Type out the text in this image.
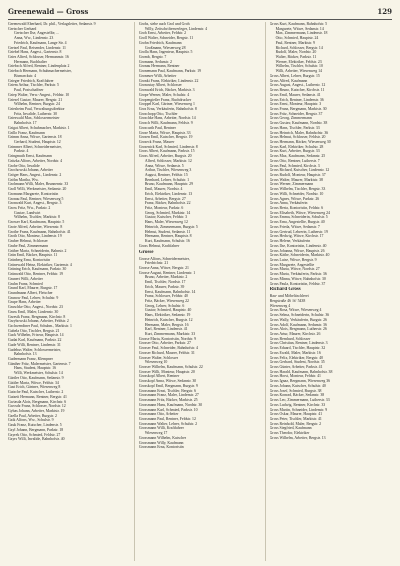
Greenewald — Gross	129
Greenewald Eberhard, Dr. phil., Verlagsleiter, Sedanstr. 9
Gretscher Gerhard
Gretscher Ilse, Angestellte, ...
Anna, Ww., Lindenstr. 23
Friedrich, Kaufmann, Lange Str. 4
Gretzel Paul, Reisender, Lindenstr. 11
Griebel Hans, Angest., Gartenstr. 8
Gries Alfred, Schlosser, Hermannstr. 16
Hermann, Buchhalter
Griebsch Alfred, Rentner, Lindenplatz 2
Griebsch Hermann, Schuhmachermeister,
Bismarckstr. 4
Grieger Friedrich, Kraftfahrer
Griem Arthur, Tischler, Parkstr. 5
Paul, Postschaffner
Griep Walter, Verw.-Angest., Feldstr. 10
Griesel Gustav, Maurer, Bergstr. 21
Wilhelm, Rentner, Burgstr. 24
Griesheim Paul, Verwaltungsdirektor
Fritz, Invalide, Lutherstr. 30
Grieswald Max, Schlossermeister
Bahnhofstr. 17
Grigat Albert, Schuhmacher, Marktstr. 1
Grillo Franz, Kaufmann
Grimm Anna, Witwe, Gartenstr. 18
Gerhard, Student, Hauptstr. 12
Grimmer Albert, Schneidermeister,
Parkstr. 4
Gringmuth Ernst, Kaufmann
Gritzka Alfons, Arbeiter, Nordstr. 4
Grobe Otto, Invalide
Grochowski Johann, Arbeiter
Gröger Hans, Angest., Lindenstr. 2
Gröhn Martha, Ww.
Grohmann Willi, Maler, Brunnenstr. 33
Groll Willi, Werkmeister, Sedanstr. 20
Gromann Margarete, Kontoristin
Gronau Paul, Rentner, Wiesenweg 5
Gronwald Kurt, Angest., Bergstr. 3
Gross Fritz, Ww., Parkstr. 2
Gustav, Landwirt
Wilhelm, Tischler, Marktstr. 8
Grosser Karl, Kaufmann, Hauptstr. 5
Grote Alfred, Arbeiter, Wiesenstr. 8
Grothe Franz, Kaufmann, Bahnhofstr. 41
Groth Otto, Monteur, Lindenstr. 19
Gruber Helmut, Schlosser
Grube Paul, Zimmermann
Grüber Marta, Schneiderin, Bahnstr. 2
Grün Emil, Bäcker, Hauptstr. 11
Grünberg Erna, Kontoristin
Grünewald Heinz, Elektriker, Gartenstr. 4
Grüning Erich, Kaufmann, Parkstr. 30
Grünwald Otto, Rentner, Feldstr. 19
Grunert Willi, Arbeiter
Gruhn Franz, Schmied
Grund Karl, Maurer, Burgstr. 17
Grundmann Albert, Fleischer
Grunow Paul, Lehrer, Schulstr. 9
Grupe Hans, Arbeiter
Gruschke Otto, Angest., Nordstr. 23
Gruss Emil, Maler, Lindenstr. 30
Grzesik Franz, Bergmann, Kirchstr. 8
Grzybowski Johann, Arbeiter, Feldstr. 2
Gschwendtner Paul, Schuhm., Marktstr. 1
Gubela Otto, Tischler, Bergstr. 21
Guck Wilhelm, Friseur, Hauptstr. 14
Gudat Karl, Kaufmann, Parkstr. 22
Gude Willi, Rentner, Lindenstr. 31
Gudehus Walter, Schlossermeister,
Bahnhofstr. 13
Gudermann Franz, Klempner
Günther Fritz, Malermeister, Gartenstr. 7
Hans, Student, Hauptstr. 16
Willi, Werkmeister, Schulstr. 14
Gürtler Otto, Kaufmann, Sedanstr. 9
Güttler Marta, Witwe, Feldstr. 34
Gust Erich, Gärtner, Wiesenweg 8
Gutsche Paul, Kutscher, Lutherstr. 2
Gutzeit Hermann, Rentner, Bergstr. 41
Gwiasda Alois, Bergmann, Kirchstr. 6
Gwosdz Franz, Schlosser, Nordstr. 12
Gybas Johann, Arbeiter, Marktstr. 19
Gzella Paul, Arbeiter, Burgstr. 2
Gzik Alfons, Ww., Schulstr. 9
Gzuk Franz, Kutscher, Lindenstr. 5
Gzyl Johann, Bergmann, Parkstr. 18
Gzyrek Otto, Schmied, Feldstr. 27
Gzyrs Willi, Invalide, Bahnhofstr. 40
Grohs, siehe auch Grol und Groh
Willy, Zeitschriftenverleger, Lindenstr. 4
Groh Ernst, Arbeiter, Feldstr. 2
Groll Walter, Schneider, Bergstr. 11
Grohn Friedrich, Kaufmann
Großmann, Wiesenweg 28
Grolla Hans, Ingenieur, Hauptstr. 5
Gromb, Bergstr. 7
Gromann, Sedanstr. 2
Gronau Hermann, Rentner
Gronemann Paul, Kaufmann, Parkstr. 19
Groneuer Willi, Arbeiter
Gronki Franz, Elektriker, Lindenstr. 22
Gronostay Albert, Schlosser
Gronwald Erich, Bäcker, Marktstr. 3
Grope Werner, Maler, Schulstr. 4
Gropengießer Franz, Buchdrucker
Groppel Karl, Gärtner, Wiesenweg 1
Gros Erna, Verkäuferin, Bahnhofstr. 8
Groschopp Otto, Tischler
Groschke Hans, Arbeiter, Nordstr. 14
Grosch Willi, Kaufmann, Feldstr. 9
Groscurth Paul, Rentner
Grose Marta, Witwe, Hauptstr. 33
Grosen Emil, Kutscher, Bergstr. 19
Groseck Franz, Maurer
Grosenick Karl, Schmied, Lindenstr. 8
Gross Albert, Kaufmann, Parkstr. 15
Gross Alfred, Arbeiter, Burgstr. 20
Alfred, Schlosser, Marktstr. 12
Anna, Witwe, Sedanstr. 5
Arthur, Tischler, Wiesenweg 3
August, Rentner, Feldstr. 15
Bernhard, Lehrer, Schulstr. 1
Bruno, Kaufmann, Hauptstr. 29
Emil, Maurer, Nordstr. 4
Erich, Elektriker, Lindenstr. 13
Ernst, Arbeiter, Bergstr. 27
Franz, Bäcker, Bahnhofstr. 22
Fritz, Monteur, Parkstr. 6
Georg, Schmied, Marktstr. 14
Gustav, Kutscher, Feldstr. 3
Hans, Maler, Wiesenweg 12
Heinrich, Zimmermann, Burgstr. 5
Helmut, Student, Sedanstr. 11
Hermann, Rentner, Hauptstr. 8
Kurt, Kaufmann, Schulstr. 16
Gross Helmut, Kraftfahrer
Grosse
Grosse Alfons, Schneidermeister,
Friedrichstr. 21
Grosse Anna, Witwe, Bergstr. 21
Grosse August, Rentner, Lindenstr. 1
Bruno, Arbeiter, Marktstr. 2
Emil, Tischler, Nordstr. 17
Erich, Maurer, Parkstr. 39
Ernst, Kaufmann, Bahnhofstr. 14
Franz, Schlosser, Feldstr. 40
Fritz, Bäcker, Wiesenweg 22
Georg, Lehrer, Schulstr. 6
Gustav, Schmied, Hauptstr. 40
Hans, Elektriker, Sedanstr. 19
Heinrich, Kutscher, Burgstr. 12
Hermann, Maler, Bergstr. 16
Karl, Rentner, Lindenstr. 41
Kurt, Zimmermann, Marktstr. 33
Grosse Marta, Kontoristin, Nordstr. 9
Grosser Otto, Arbeiter, Parkstr. 27
Grosser Paul, Schneider, Bahnhofstr. 4
Grosser Richard, Maurer, Feldstr. 31
Grosser Walter, Schlosser
Wiesenweg 10
Grosser Wilhelm, Kaufmann, Schulstr. 22
Grosser Willi, Monteur, Hauptstr. 20
Grosskopf Albert, Rentner
Grosskopf Anna, Witwe, Sedanstr. 30
Grosskopf Emil, Bergmann, Burgstr. 9
Grossmann Ernst, Tischler, Bergstr. 6
Grossmann Franz, Maler, Lindenstr. 27
Grossmann Fritz, Bäcker, Marktstr. 25
Grossmann Hans, Kaufmann, Nordstr. 30
Grossmann Karl, Schmied, Parkstr. 10
Grossmann Otto, Arbeiter
Grossmann Paul, Rentner, Feldstr. 12
Grossmann Walter, Lehrer, Schulstr. 2
Grossmann Willi, Kraftfahrer
Wiesenweg 17
Grossmann Wilhelm, Kutscher
Grossmann Willy, Kaufmann
Grossmann Erna, Kontoristin
Gross Kurt, Kaufmann, Bahnhofstr. 5
Margarete, Witwe, Sedanstr. 14
Max, Zimmermann, Lindenstr. 18
Otto, Schmied, Hauptstr. 24
Paul, Rentner, Marktstr. 9
Richard, Schlosser, Bergstr. 14
Rudolf, Maler, Nordstr. 20
Walter, Bäcker, Parkstr. 11
Werner, Elektriker, Feldstr. 23
Wilhelm, Tischler, Schulstr. 10
Willi, Arbeiter, Wiesenweg 14
Gross Albert, Lehrer, Burgstr. 15
Gross Alfred, Kaufmann
Gross August, Angest., Lutherstr. 12
Gross Bruno, Kutscher, Kirchstr. 11
Gross Emil, Maurer, Sedanstr. 41
Gross Erich, Rentner, Lindenstr. 36
Gross Ernst, Monteur, Hauptstr. 3
Gross Franz, Bergmann, Marktstr. 30
Gross Fritz, Schneider, Bergstr. 37
Gross Georg, Zimmermann
Gross Gustav, Kaufmann, Nordstr. 38
Gross Hans, Tischler, Parkstr. 33
Gross Heinrich, Maler, Bahnhofstr. 36
Gross Helmut, Schlosser, Feldstr. 20
Gross Hermann, Bäcker, Wiesenweg 30
Gross Karl, Elektriker, Schulstr. 28
Gross Kurt, Arbeiter, Burgstr. 33
Gross Max, Kaufmann, Sedanstr. 25
Gross Otto, Rentner, Lutherstr. 7
Gross Paul, Schmied, Kirchstr. 3
Gross Richard, Kutscher, Lindenstr. 12
Gross Rudolf, Monteur, Hauptstr. 37
Gross Walter, Maurer, Marktstr. 38
Gross Werner, Zimmermann
Gross Wilhelm, Tischler, Bergstr. 33
Gross Willi, Schneider, Nordstr. 10
Gross Agnes, Witwe, Parkstr. 26
Gross Anna, Verkäuferin
Gross Berta, Kontoristin, Feldstr. 6
Gross Elisabeth, Witwe, Wiesenweg 24
Gross Emma, Schneiderin, Schulstr. 5
Gross Erna, Angestellte, Burgstr. 40
Gross Frieda, Witwe, Sedanstr. 7
Gross Gertrud, Lehrerin, Lutherstr. 19
Gross Hedwig, Witwe, Kirchstr. 17
Gross Helene, Verkäuferin
Gross Ilse, Kontoristin, Lindenstr. 40
Gross Johanna, Witwe, Hauptstr. 26
Gross Käthe, Schneiderin, Marktstr. 40
Gross Luise, Witwe, Bergstr. 9
Gross Margarete, Angestellte
Gross Maria, Witwe, Nordstr. 27
Gross Marta, Verkäuferin, Parkstr. 36
Gross Minna, Witwe, Bahnhofstr. 30
Gross Paula, Kontoristin, Feldstr. 37
Richard Gross
Bau- und Möbeltischlerei
Bergstraße 46 ☏ 5438
Wiesenweg 4
Gross Rosa, Witwe, Wiesenweg 4
Gross Selma, Schneiderin, Schulstr. 36
Gross Wally, Verkäuferin, Burgstr. 26
Gross Adolf, Kaufmann, Sedanstr. 36
Gross Alois, Bergmann, Lutherstr. 26
Gross Artur, Maurer, Kirchstr. 26
Gross Bernhard, Schlosser
Gross Christian, Rentner, Lindenstr. 3
Gross Eduard, Tischler, Hauptstr. 32
Gross Ewald, Maler, Marktstr. 16
Gross Felix, Elektriker, Bergstr. 40
Gross Gerhard, Student, Nordstr. 35
Gross Günter, Arbeiter, Parkstr. 41
Gross Harald, Kaufmann, Bahnhofstr. 38
Gross Horst, Monteur, Feldstr. 41
Gross Ignaz, Bergmann, Wiesenweg 36
Gross Johann, Kutscher, Schulstr. 40
Gross Josef, Schmied, Burgstr. 38
Gross Konrad, Bäcker, Sedanstr. 38
Gross Leo, Zimmermann, Lutherstr. 33
Gross Ludwig, Rentner, Kirchstr. 33
Gross Martin, Schneider, Lindenstr. 9
Gross Oskar, Maurer, Hauptstr. 41
Gross Peter, Tischler, Marktstr. 41
Gross Reinhold, Maler, Bergstr. 2
Gross Siegfried, Kaufmann
Gross Theodor, Elektriker
Gross Wilhelm, Arbeiter, Bergstr. 13
